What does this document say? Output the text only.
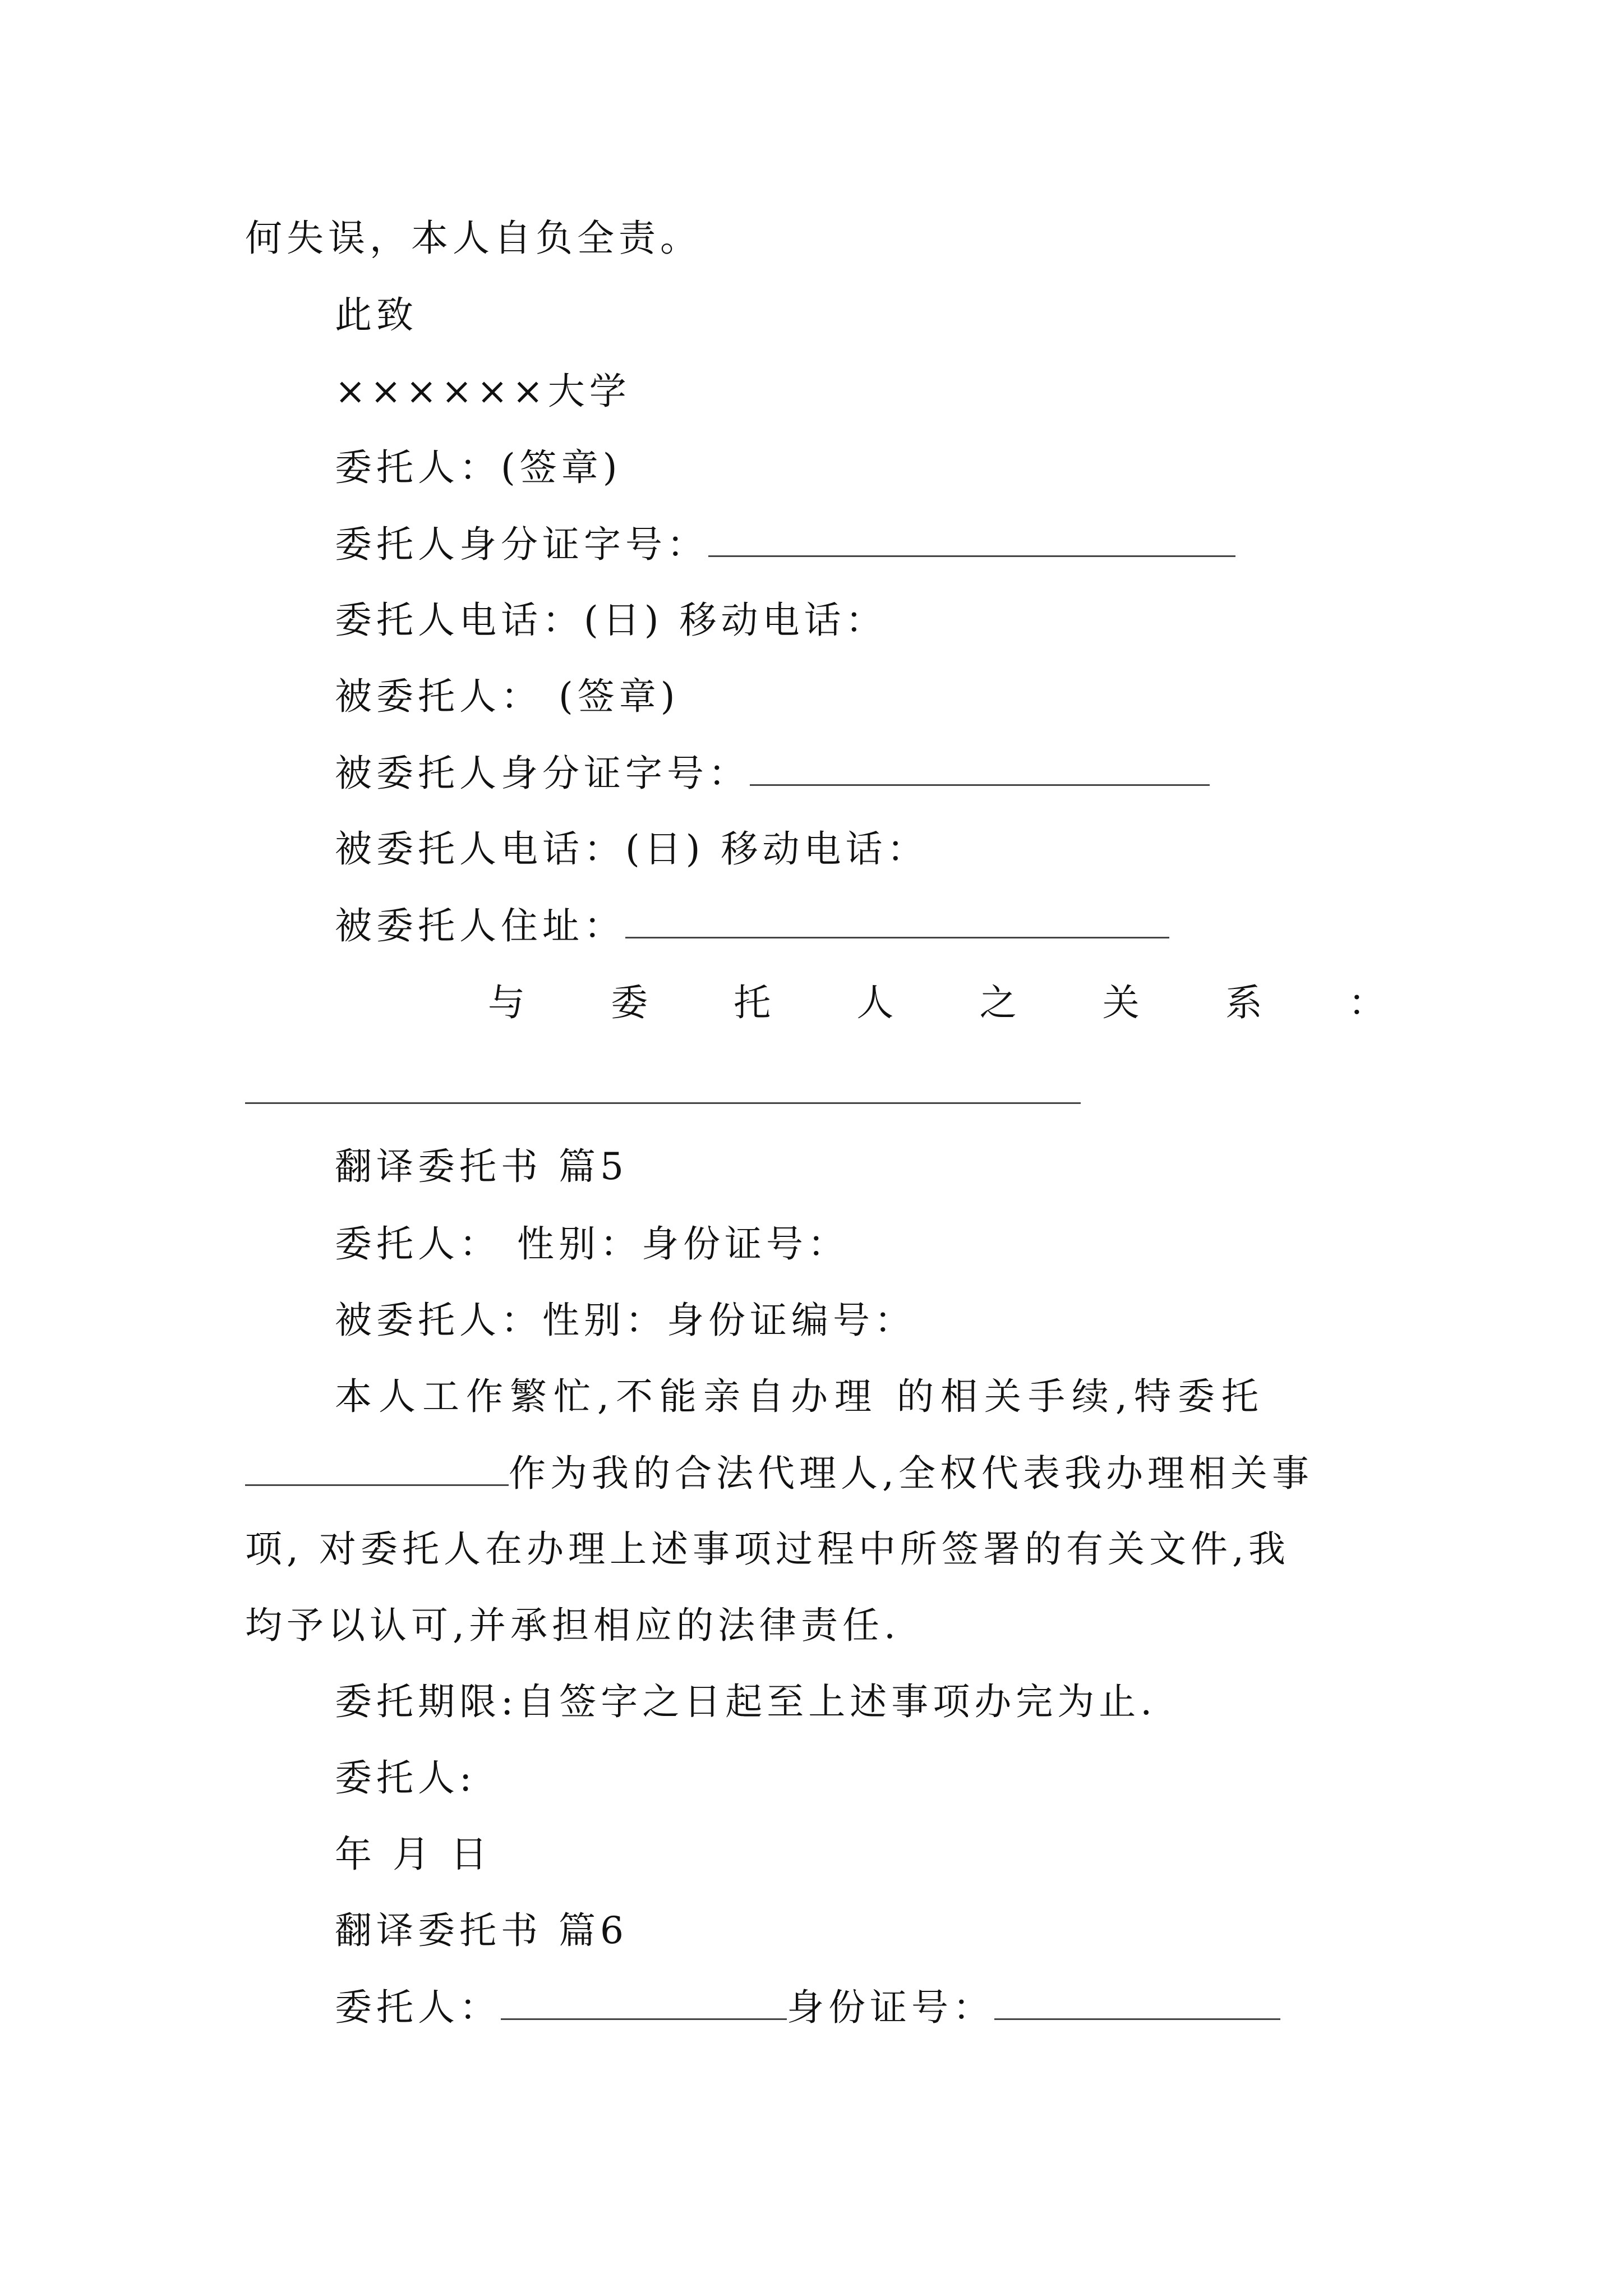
何失误，本人自负全责。
此致
××××××大学
委托人：(签章)
委托人身分证字号：
委托人电话：(日) 移动电话：
被委托人： (签章)
被委托人身分证字号：
被委托人电话：(日) 移动电话：
被委托人住址：
与 委 托 人 之 关 系 ：
翻译委托书 篇5
委托人： 性别：身份证号：
被委托人：性别：身份证编号：
本人工作繁忙,不能亲自办理 的相关手续,特委托
作为我的合法代理人,全权代表我办理相关事
项, 对委托人在办理上述事项过程中所签署的有关文件,我
均予以认可,并承担相应的法律责任.
委托期限:自签字之日起至上述事项办完为止.
委托人:
年 月 日
翻译委托书 篇6
委托人：	身份证号：
